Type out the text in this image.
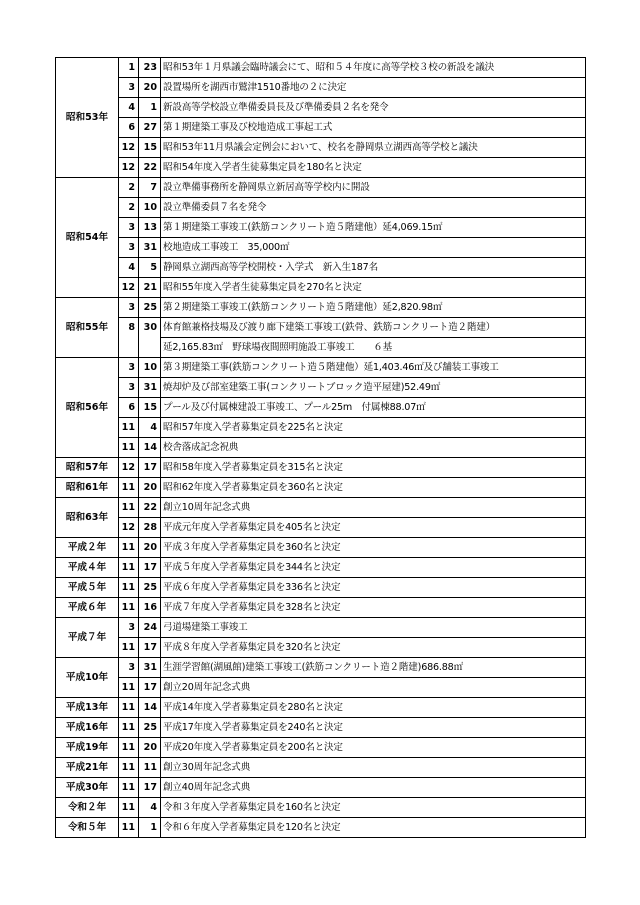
昭和53年	1	23	昭和53年１月県議会臨時議会にて、昭和５４年度に高等学校３校の新設を議決
	3	20	設置場所を湖西市鷲津1510番地の２に決定
	4	1	新設高等学校設立準備委員長及び準備委員２名を発令
	6	27	第１期建築工事及び校地造成工事起工式
	12	15	昭和53年11月県議会定例会において、校名を静岡県立湖西高等学校と議決
	12	22	昭和54年度入学者生徒募集定員を180名と決定
昭和54年	2	7	設立準備事務所を静岡県立新居高等学校内に開設
	2	10	設立準備委員７名を発令
	3	13	第１期建築工事竣工(鉄筋コンクリート造５階建他）延4,069.15㎡
	3	31	校地造成工事竣工　35,000㎡
	4	5	静岡県立湖西高等学校開校・入学式　新入生187名
	12	21	昭和55年度入学者生徒募集定員を270名と決定
昭和55年	3	25	第２期建築工事竣工(鉄筋コンクリート造５階建他）延2,820.98㎡
	8	30	体育館兼格技場及び渡り廊下建築工事竣工(鉄骨、鉄筋コンクリート造２階建）
			延2,165.83㎡　野球場夜間照明施設工事竣工　　６基
昭和56年	3	10	第３期建築工事(鉄筋コンクリート造５階建他）延1,403.46㎡及び舗装工事竣工
	3	31	焼却炉及び部室建築工事(コンクリートブロック造平屋建)52.49㎡
	6	15	プール及び付属棟建設工事竣工、プール25m　付属棟88.07㎡
	11	4	昭和57年度入学者募集定員を225名と決定
	11	14	校舎落成記念祝典
昭和57年	12	17	昭和58年度入学者募集定員を315名と決定
昭和61年	11	20	昭和62年度入学者募集定員を360名と決定
昭和63年	11	22	創立10周年記念式典
	12	28	平成元年度入学者募集定員を405名と決定
平成２年	11	20	平成３年度入学者募集定員を360名と決定
平成４年	11	17	平成５年度入学者募集定員を344名と決定
平成５年	11	25	平成６年度入学者募集定員を336名と決定
平成６年	11	16	平成７年度入学者募集定員を328名と決定
平成７年	3	24	弓道場建築工事竣工
	11	17	平成８年度入学者募集定員を320名と決定
平成10年	3	31	生涯学習館(湖風館)建築工事竣工(鉄筋コンクリート造２階建)686.88㎡
	11	17	創立20周年記念式典
平成13年	11	14	平成14年度入学者募集定員を280名と決定
平成16年	11	25	平成17年度入学者募集定員を240名と決定
平成19年	11	20	平成20年度入学者募集定員を200名と決定
平成21年	11	11	創立30周年記念式典
平成30年	11	17	創立40周年記念式典
令和２年	11	4	令和３年度入学者募集定員を160名と決定
令和５年	11	1	令和６年度入学者募集定員を120名と決定
